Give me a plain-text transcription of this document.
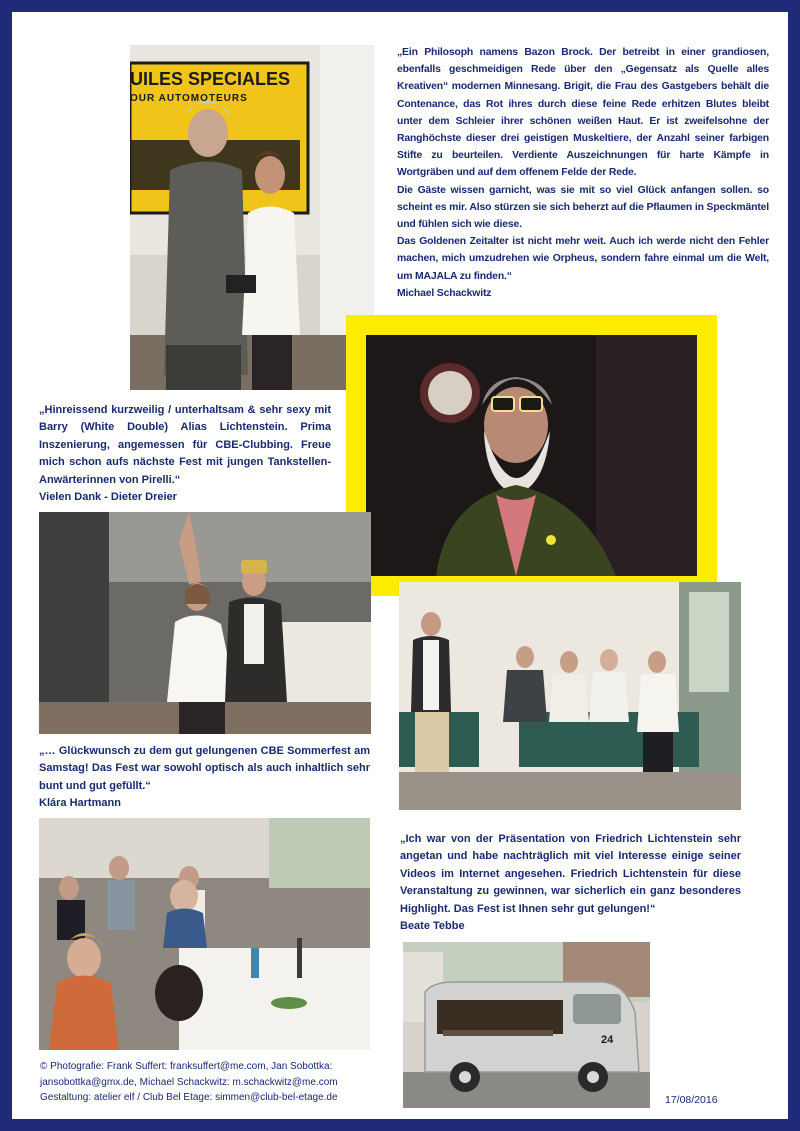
UILES SPECIALES
OUR AUTOMOTEURS

„Ein Philosoph namens Bazon Brock. Der betreibt in einer grandiosen, ebenfalls geschmeidigen Rede über den „Gegensatz als Quelle alles Kreativen“ modernen Minnesang. Brigit, die Frau des Gastgebers behält die Contenance, das Rot ihres durch diese feine Rede erhitzen Blutes bleibt unter dem Schleier ihrer schönen weißen Haut. Er ist zweifelsohne der Ranghöchste dieser drei geistigen Muskeltiere, der Anzahl seiner farbigen Stifte zu beurteilen. Verdiente Auszeichnungen für harte Kämpfe in Wortgräben und auf dem offenem Felde der Rede.

Die Gäste wissen garnicht, was sie mit so viel Glück anfangen sollen. so scheint es mir. Also stürzen sie sich beherzt auf die Pflaumen in Speckmäntel und fühlen sich wie diese.

Das Goldenen Zeitalter ist nicht mehr weit. Auch ich werde nicht den Fehler machen, mich umzudrehen wie Orpheus, sondern fahre einmal um die Welt, um MAJALA zu finden.“

Michael Schackwitz

„Hinreissend kurzweilig / unterhaltsam & sehr sexy mit Barry (White Double) Alias Lichtenstein. Prima Inszenierung, angemessen für CBE-Clubbing. Freue mich schon aufs nächste Fest mit jungen Tankstellen-Anwärterinnen von Pirelli.“

Vielen Dank - Dieter Dreier

„… Glückwunsch zu dem gut gelungenen CBE Sommerfest am Samstag! Das Fest war sowohl optisch als auch inhaltlich sehr bunt und gut gefüllt.“

Klára Hartmann

„Ich war von der Präsentation von Friedrich Lichtenstein sehr angetan und habe nachträglich mit viel Interesse einige seiner Videos im Internet angesehen. Friedrich Lichtenstein für diese Veranstaltung zu gewinnen, war sicherlich ein ganz besonderes Highlight. Das Fest ist Ihnen sehr gut gelungen!“

Beate Tebbe

24
© Photografie: Frank Suffert: franksuffert@me.com, Jan Sobottka:
jansobottka@gmx.de, Michael Schackwitz: m.schackwitz@me.com
Gestaltung: atelier elf / Club Bel Etage: simmen@club-bel-etage.de	17/08/2016
